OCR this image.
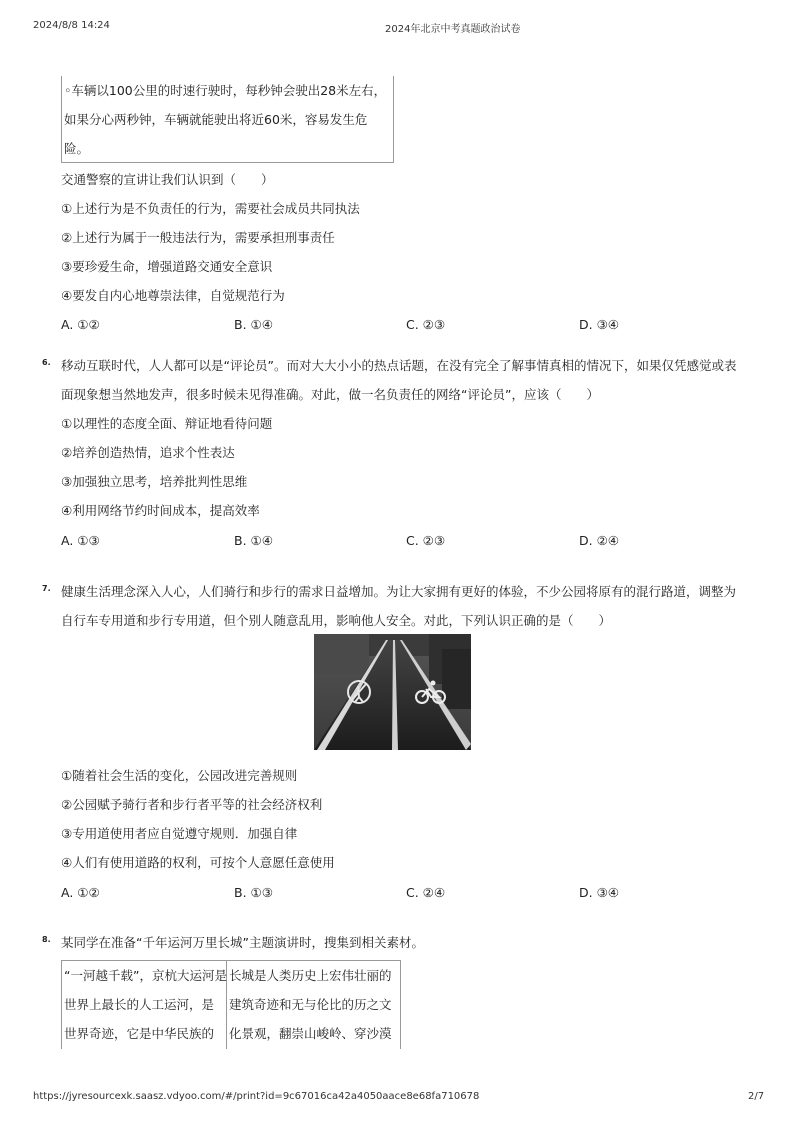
2024/8/8 14:24	2024年北京中考真题政治试卷
◦车辆以100公里的时速行驶时，每秒钟会驶出28米左右，
如果分心两秒钟，车辆就能驶出将近60米，容易发生危
险。
交通警察的宣讲让我们认识到（　　）
①上述行为是不负责任的行为，需要社会成员共同执法
②上述行为属于一般违法行为，需要承担刑事责任
③要珍爱生命，增强道路交通安全意识
④要发自内心地尊崇法律，自觉规范行为
A. ①②	B. ①④	C. ②③	D. ③④
6. 移动互联时代，人人都可以是“评论员”。而对大大小小的热点话题，在没有完全了解事情真相的情况下，如果仅凭感觉或表
面现象想当然地发声，很多时候未见得准确。对此，做一名负责任的网络“评论员”，应该（　　）
①以理性的态度全面、辩证地看待问题
②培养创造热情，追求个性表达
③加强独立思考，培养批判性思维
④利用网络节约时间成本，提高效率
A. ①③	B. ①④	C. ②③	D. ②④
7. 健康生活理念深入人心，人们骑行和步行的需求日益增加。为让大家拥有更好的体验，不少公园将原有的混行路道，调整为
自行车专用道和步行专用道，但个别人随意乱用，影响他人安全。对此，下列认识正确的是（　　）
①随着社会生活的变化，公园改进完善规则
②公园赋予骑行者和步行者平等的社会经济权利
③专用道使用者应自觉遵守规则．加强自律
④人们有使用道路的权利，可按个人意愿任意使用
A. ①②	B. ①③	C. ②④	D. ③④
8. 某同学在准备“千年运河万里长城”主题演讲时，搜集到相关素材。
“一河越千载”，京杭大运河是
世界上最长的人工运河，是
世界奇迹，它是中华民族的
长城是人类历史上宏伟壮丽的
建筑奇迹和无与伦比的历之文
化景观，翻崇山峻岭、穿沙漠
https://jyresourcexk.saasz.vdyoo.com/#/print?id=9c67016ca42a4050aace8e68fa710678	2/7
